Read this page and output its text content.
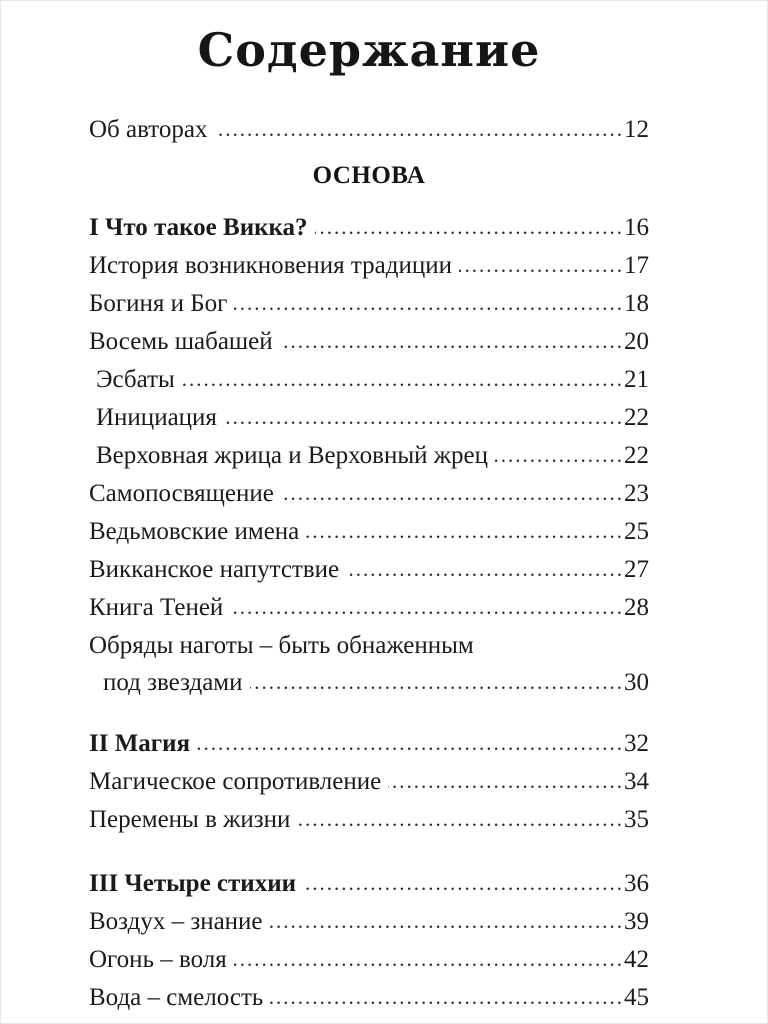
Содержание
Об авторах .....	12
ОСНОВА
I Что такое Викка? .....	16
История возникновения традиции .....	17
Богиня и Бог .....	18
Восемь шабашей .....	20
Эсбаты .....	21
Инициация .....	22
Верховная жрица и Верховный жрец .....	22
Самопосвящение .....	23
Ведьмовские имена .....	25
Викканское напутствие .....	27
Книга Теней .....	28
Обряды наготы – быть обнаженным
под звездами .....	30
II Магия .....	32
Магическое сопротивление .....	34
Перемены в жизни .....	35
III Четыре стихии .....	36
Воздух – знание .....	39
Огонь – воля .....	42
Вода – смелость .....	45
.....
